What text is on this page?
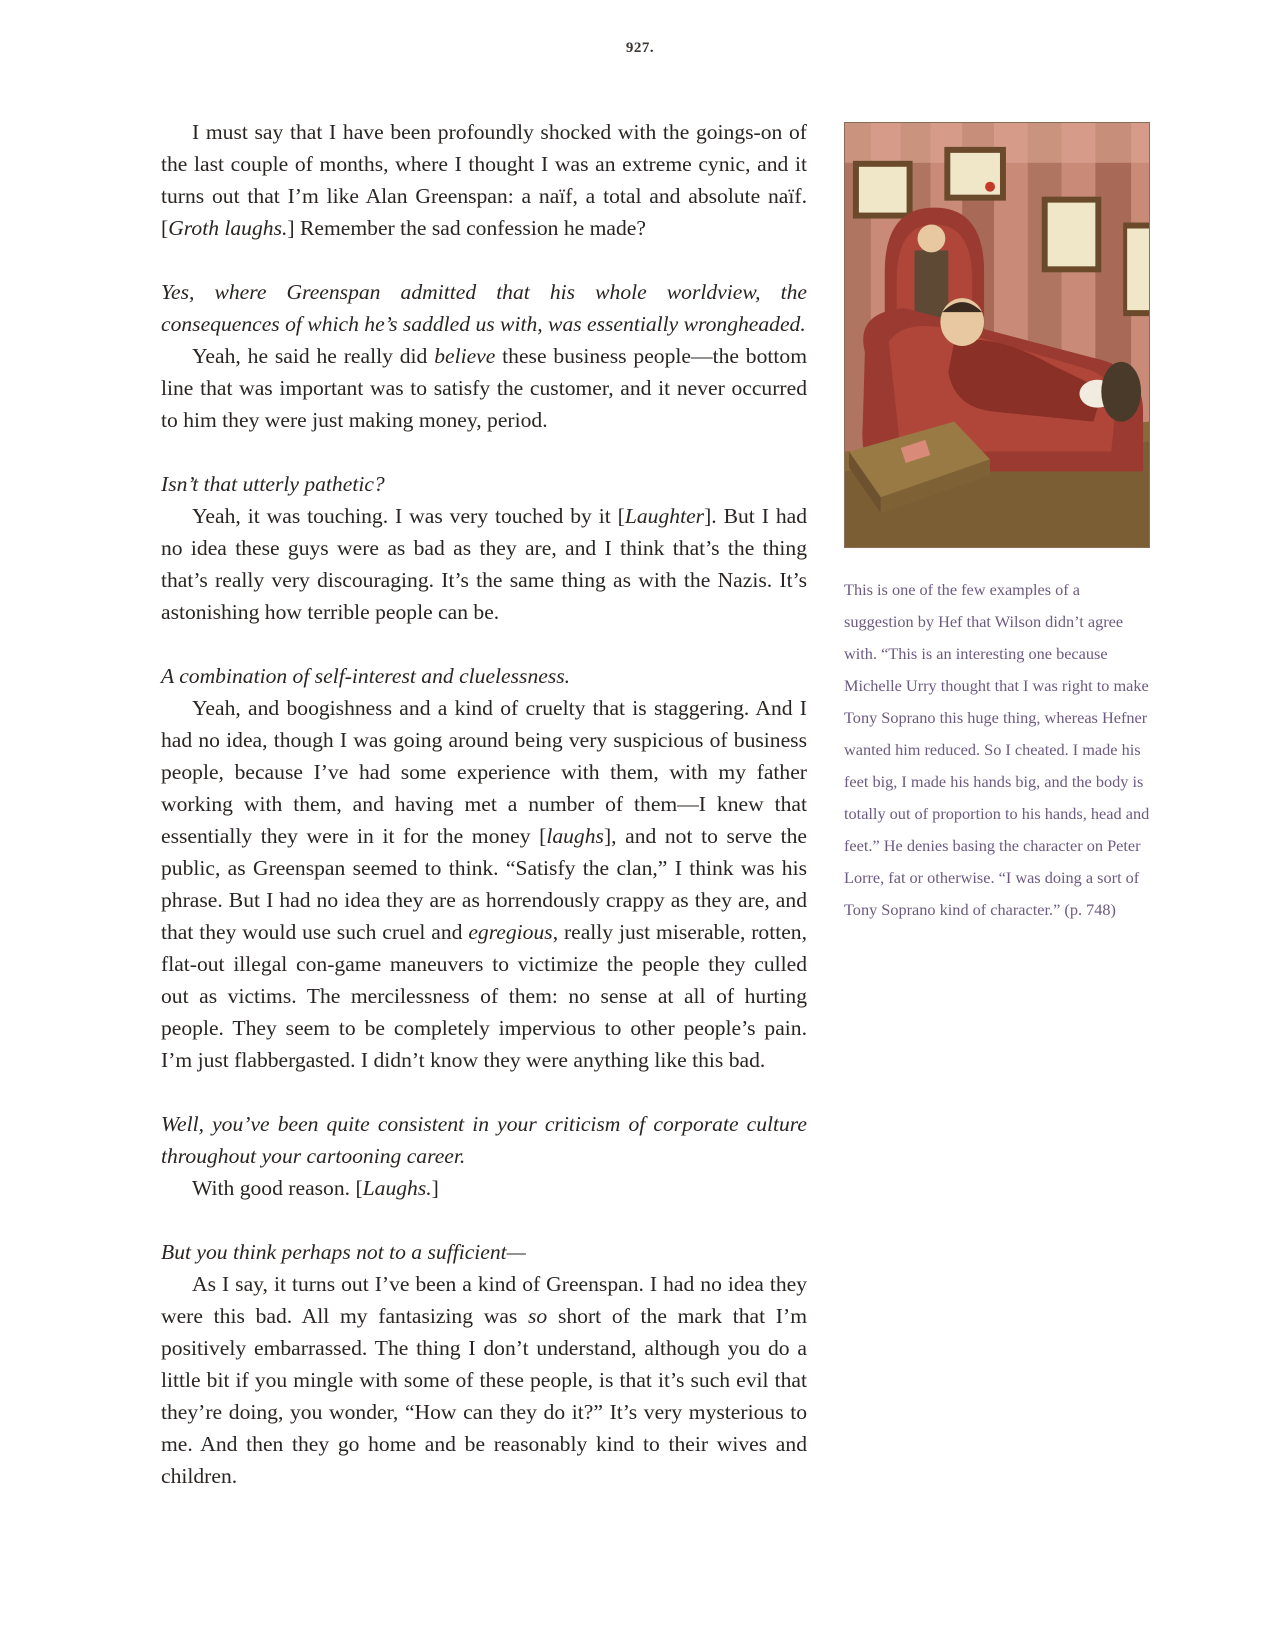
927.

I must say that I have been profoundly shocked with the goings-on of the last couple of months, where I thought I was an extreme cynic, and it turns out that I’m like Alan Greenspan: a naïf, a total and absolute naïf. [Groth laughs.] Remember the sad confession he made?

Yes, where Greenspan admitted that his whole worldview, the consequences of which he’s saddled us with, was essentially wrongheaded.

Yeah, he said he really did believe these business people—the bottom line that was important was to satisfy the customer, and it never occurred to him they were just making money, period.

Isn’t that utterly pathetic?

Yeah, it was touching. I was very touched by it [Laughter]. But I had no idea these guys were as bad as they are, and I think that’s the thing that’s really very discouraging. It’s the same thing as with the Nazis. It’s astonishing how terrible people can be.

A combination of self-interest and cluelessness.

Yeah, and boogishness and a kind of cruelty that is staggering. And I had no idea, though I was going around being very suspicious of business people, because I’ve had some experience with them, with my father working with them, and having met a number of them—I knew that essentially they were in it for the money [laughs], and not to serve the public, as Greenspan seemed to think. “Satisfy the clan,” I think was his phrase. But I had no idea they are as horrendously crappy as they are, and that they would use such cruel and egregious, really just miserable, rotten, flat-out illegal con-game maneuvers to victimize the people they culled out as victims. The mercilessness of them: no sense at all of hurting people. They seem to be completely impervious to other people’s pain. I’m just flabbergasted. I didn’t know they were anything like this bad.

Well, you’ve been quite consistent in your criticism of corporate culture throughout your cartooning career.

With good reason. [Laughs.]

But you think perhaps not to a sufficient—

As I say, it turns out I’ve been a kind of Greenspan. I had no idea they were this bad. All my fantasizing was so short of the mark that I’m positively embarrassed. The thing I don’t understand, although you do a little bit if you mingle with some of these people, is that it’s such evil that they’re doing, you wonder, “How can they do it?” It’s very mysterious to me. And then they go home and be reasonably kind to their wives and children.

This is one of the few examples of a suggestion by Hef that Wilson didn’t agree with. “This is an interesting one because Michelle Urry thought that I was right to make Tony Soprano this huge thing, whereas Hefner wanted him reduced. So I cheated. I made his feet big, I made his hands big, and the body is totally out of proportion to his hands, head and feet.” He denies basing the character on Peter Lorre, fat or otherwise. “I was doing a sort of Tony Soprano kind of character.” (p. 748)
